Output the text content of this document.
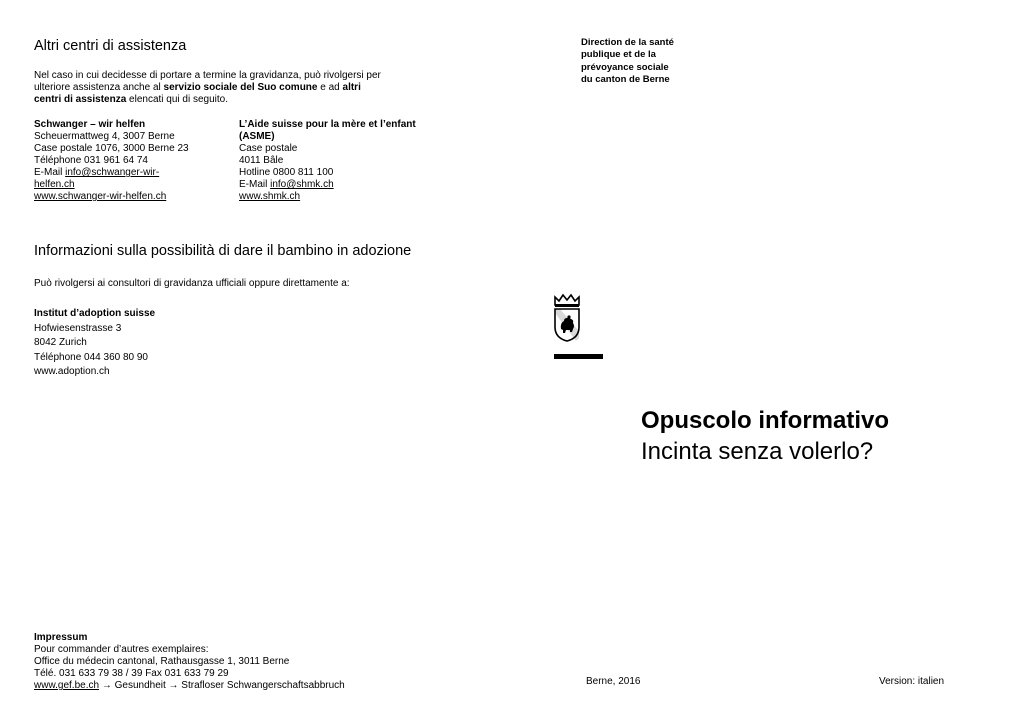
Altri centri di assistenza
Nel caso in cui decidesse di portare a termine la gravidanza, può rivolgersi per
ulteriore assistenza anche al servizio sociale del Suo comune e ad altri
centri di assistenza elencati qui di seguito.
Schwanger – wir helfen
Scheuermattweg 4, 3007 Berne
Case postale 1076, 3000 Berne 23
Téléphone 031 961 64 74
E-Mail info@schwanger-wir-
helfen.ch
www.schwanger-wir-helfen.ch
L’Aide suisse pour la mère et l’enfant
(ASME)
Case postale
4011 Bâle
Hotline 0800 811 100
E-Mail info@shmk.ch
www.shmk.ch
Informazioni sulla possibilità di dare il bambino in adozione
Può rivolgersi ai consultori di gravidanza ufficiali oppure direttamente a:
Institut d’adoption suisse
Hofwiesenstrasse 3
8042 Zurich
Téléphone 044 360 80 90
www.adoption.ch
Impressum
Pour commander d’autres exemplaires:
Office du médecin cantonal, Rathausgasse 1, 3011 Berne
Télé. 031 633 79 38 / 39 Fax 031 633 79 29
www.gef.be.ch → Gesundheit → Strafloser Schwangerschaftsabbruch
Direction de la santé
publique et de la
prévoyance sociale
du canton de Berne
Opuscolo informativo
Incinta senza volerlo?
Berne, 2016	Version: italien
